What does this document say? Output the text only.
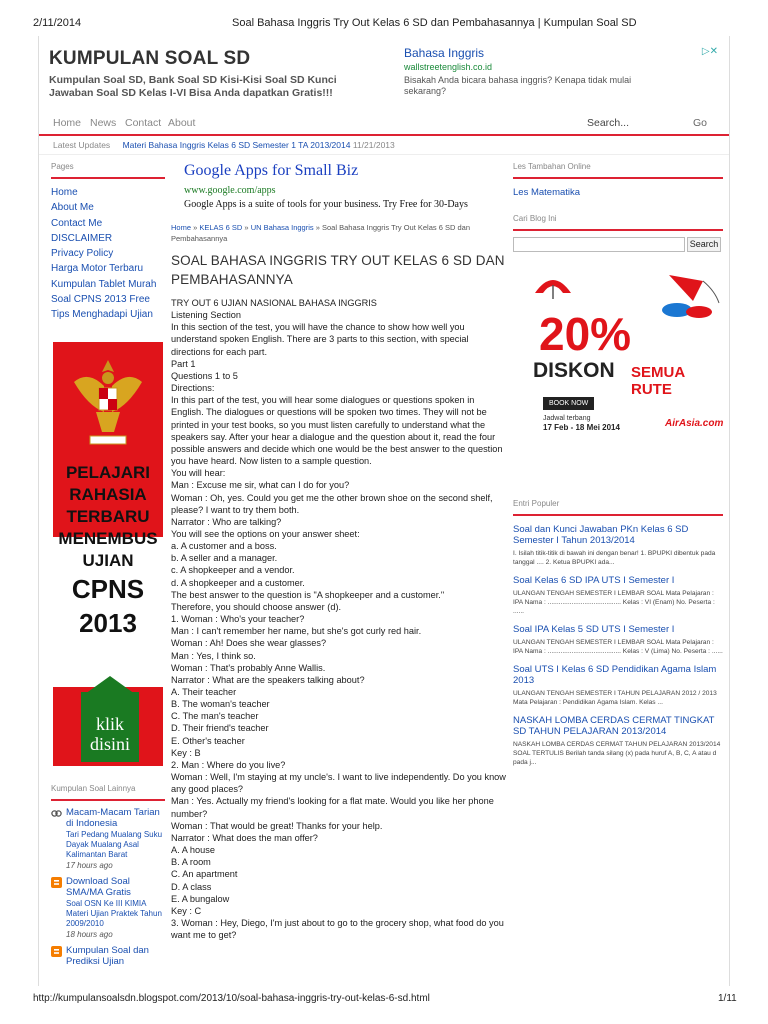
2/11/2014	Soal Bahasa Inggris Try Out Kelas 6 SD dan Pembahasannya | Kumpulan Soal SD
KUMPULAN SOAL SD
Kumpulan Soal SD, Bank Soal SD Kisi-Kisi Soal SD Kunci Jawaban Soal SD Kelas I-VI Bisa Anda dapatkan Gratis!!!
Bahasa Inggris
wallstreetenglish.co.id
Bisakah Anda bicara bahasa inggris? Kenapa tidak mulai sekarang?
▷✕
Home News Contact About	Search...	Go
Latest Updates Materi Bahasa Inggris Kelas 6 SD Semester 1 TA 2013/2014 11/21/2013
Pages
Home
About Me
Contact Me
DISCLAIMER
Privacy Policy
Harga Motor Terbaru
Kumpulan Tablet Murah
Soal CPNS 2013 Free
Tips Menghadapi Ujian
PELAJARI
RAHASIA
TERBARU
MENEMBUS
UJIAN
CPNS
2013
klik disini
Kumpulan Soal Lainnya
Macam-Macam Tarian di Indonesia
Tari Pedang Mualang Suku Dayak Mualang Asal Kalimantan Barat
17 hours ago
Download Soal SMA/MA Gratis
Soal OSN Ke III KIMIA Materi Ujian Praktek Tahun 2009/2010
18 hours ago
Kumpulan Soal dan Prediksi Ujian
Google Apps for Small Biz
www.google.com/apps
Google Apps is a suite of tools for your business. Try Free for 30-Days
Home » KELAS 6 SD » UN Bahasa Inggris » Soal Bahasa Inggris Try Out Kelas 6 SD dan Pembahasannya
SOAL BAHASA INGGRIS TRY OUT KELAS 6 SD DAN PEMBAHASANNYA
TRY OUT 6 UJIAN NASIONAL BAHASA INGGRIS
Listening Section
In this section of the test, you will have the chance to show how well you understand spoken English. There are 3 parts to this section, with special directions for each part.
Part 1
Questions 1 to 5
Directions:
In this part of the test, you will hear some dialogues or questions spoken in English. The dialogues or questions will be spoken two times. They will not be printed in your test books, so you must listen carefully to understand what the speakers say. After your hear a dialogue and the question about it, read the four possible answers and decide which one would be the best answer to the question you have heard. Now listen to a sample question.
You will hear:
Man : Excuse me sir, what can I do for you?
Woman : Oh, yes. Could you get me the other brown shoe on the second shelf, please? I want to try them both.
Narrator : Who are talking?
You will see the options on your answer sheet:
a. A customer and a boss.
b. A seller and a manager.
c. A shopkeeper and a vendor.
d. A shopkeeper and a customer.
The best answer to the question is "A shopkeeper and a customer."
Therefore, you should choose answer (d).
1. Woman : Who's your teacher?
Man : I can't remember her name, but she's got curly red hair.
Woman : Ah! Does she wear glasses?
Man : Yes, I think so.
Woman : That's probably Anne Wallis.
Narrator : What are the speakers talking about?
A. Their teacher
B. The woman's teacher
C. The man's teacher
D. Their friend's teacher
E. Other's teacher
Key : B
2. Man : Where do you live?
Woman : Well, I'm staying at my uncle's. I want to live independently. Do you know any good places?
Man : Yes. Actually my friend's looking for a flat mate. Would you like her phone number?
Woman : That would be great! Thanks for your help.
Narrator : What does the man offer?
A. A house
B. A room
C. An apartment
D. A class
E. A bungalow
Key : C
3. Woman : Hey, Diego, I'm just about to go to the grocery shop, what food do you want me to get?
Les Tambahan Online
Les Matematika
Cari Blog Ini
Search
20%
DISKON SEMUA RUTE
BOOK NOW
Jadwal terbang
17 Feb - 18 Mei 2014	AirAsia.com
Entri Populer
Soal dan Kunci Jawaban PKn Kelas 6 SD Semester I Tahun 2013/2014
I. Isilah titik-titik di bawah ini dengan benar! 1. BPUPKI dibentuk pada tanggal .... 2. Ketua BPUPKI ada...
Soal Kelas 6 SD IPA UTS I Semester I
ULANGAN TENGAH SEMESTER I LEMBAR SOAL Mata Pelajaran : IPA Nama : ........................................ Kelas : VI (Enam) No. Peserta : ......
Soal IPA Kelas 5 SD UTS I Semester I
ULANGAN TENGAH SEMESTER I LEMBAR SOAL Mata Pelajaran : IPA Nama : ........................................ Kelas : V (Lima) No. Peserta : ......
Soal UTS I Kelas 6 SD Pendidikan Agama Islam 2013
ULANGAN TENGAH SEMESTER I TAHUN PELAJARAN 2012 / 2013 Mata Pelajaran : Pendidikan Agama Islam. Kelas ...
NASKAH LOMBA CERDAS CERMAT TINGKAT SD TAHUN PELAJARAN 2013/2014
NASKAH LOMBA CERDAS CERMAT TAHUN PELAJARAN 2013/2014 SOAL TERTULIS Berilah tanda silang (x) pada huruf A, B, C, A atau d pada j...
http://kumpulansoalsdn.blogspot.com/2013/10/soal-bahasa-inggris-try-out-kelas-6-sd.html	1/11
